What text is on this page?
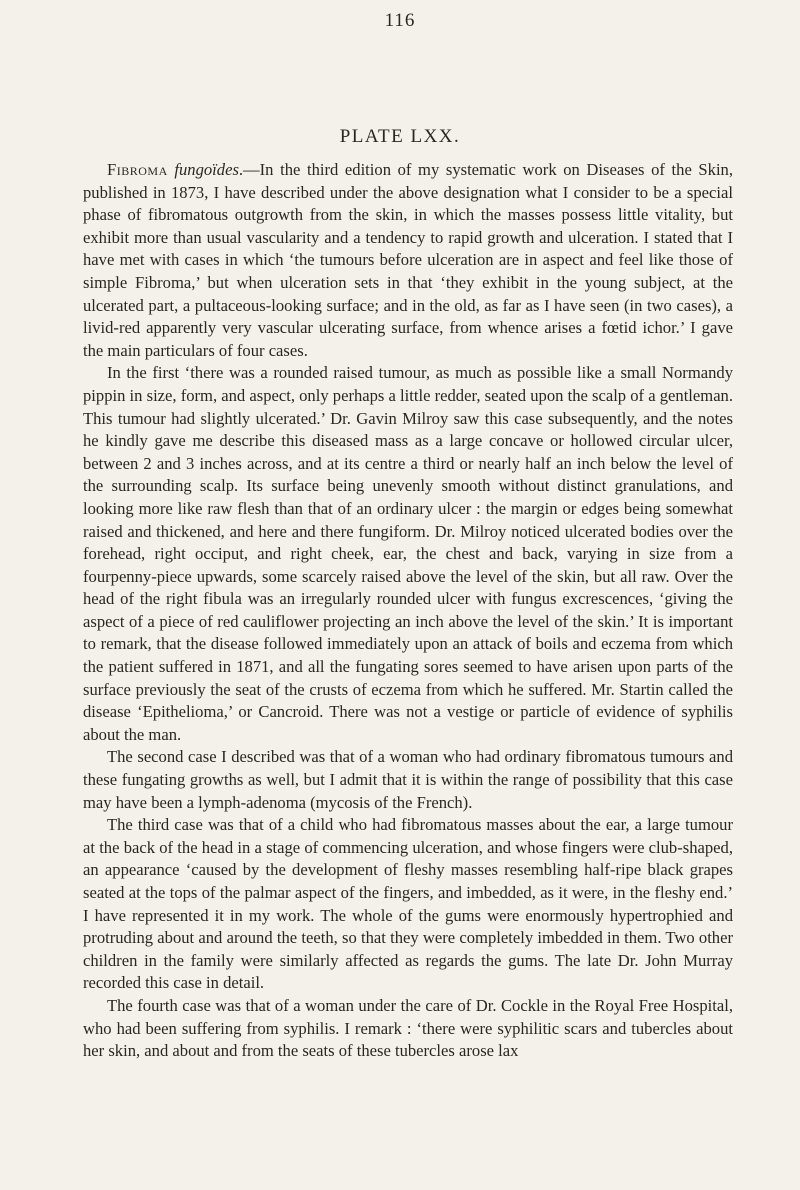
116
PLATE LXX.

Fibroma fungoïdes.—In the third edition of my systematic work on Diseases of the Skin, published in 1873, I have described under the above designation what I consider to be a special phase of fibromatous outgrowth from the skin, in which the masses possess little vitality, but exhibit more than usual vascularity and a tendency to rapid growth and ulceration. I stated that I have met with cases in which ‘the tumours before ulceration are in aspect and feel like those of simple Fibroma,’ but when ulceration sets in that ‘they exhibit in the young subject, at the ulcerated part, a pultaceous-looking surface; and in the old, as far as I have seen (in two cases), a livid-red apparently very vascular ulcerating surface, from whence arises a fœtid ichor.’ I gave the main particulars of four cases.

In the first ‘there was a rounded raised tumour, as much as possible like a small Normandy pippin in size, form, and aspect, only perhaps a little redder, seated upon the scalp of a gentleman. This tumour had slightly ulcerated.’ Dr. Gavin Milroy saw this case subsequently, and the notes he kindly gave me describe this diseased mass as a large concave or hollowed circular ulcer, between 2 and 3 inches across, and at its centre a third or nearly half an inch below the level of the surrounding scalp. Its surface being unevenly smooth without distinct granulations, and looking more like raw flesh than that of an ordinary ulcer : the margin or edges being somewhat raised and thickened, and here and there fungiform. Dr. Milroy noticed ulcerated bodies over the forehead, right occiput, and right cheek, ear, the chest and back, varying in size from a fourpenny-piece upwards, some scarcely raised above the level of the skin, but all raw. Over the head of the right fibula was an irregularly rounded ulcer with fungus excrescences, ‘giving the aspect of a piece of red cauliflower projecting an inch above the level of the skin.’ It is important to remark, that the disease followed immediately upon an attack of boils and eczema from which the patient suffered in 1871, and all the fungating sores seemed to have arisen upon parts of the surface previously the seat of the crusts of eczema from which he suffered. Mr. Startin called the disease ‘Epithelioma,’ or Cancroid. There was not a vestige or particle of evidence of syphilis about the man.

The second case I described was that of a woman who had ordinary fibromatous tumours and these fungating growths as well, but I admit that it is within the range of possibility that this case may have been a lymph-adenoma (mycosis of the French).

The third case was that of a child who had fibromatous masses about the ear, a large tumour at the back of the head in a stage of commencing ulceration, and whose fingers were club-shaped, an appearance ‘caused by the development of fleshy masses resembling half-ripe black grapes seated at the tops of the palmar aspect of the fingers, and imbedded, as it were, in the fleshy end.’ I have represented it in my work. The whole of the gums were enormously hypertrophied and protruding about and around the teeth, so that they were completely imbedded in them. Two other children in the family were similarly affected as regards the gums. The late Dr. John Murray recorded this case in detail.

The fourth case was that of a woman under the care of Dr. Cockle in the Royal Free Hospital, who had been suffering from syphilis. I remark : ‘there were syphilitic scars and tubercles about her skin, and about and from the seats of these tubercles arose lax
